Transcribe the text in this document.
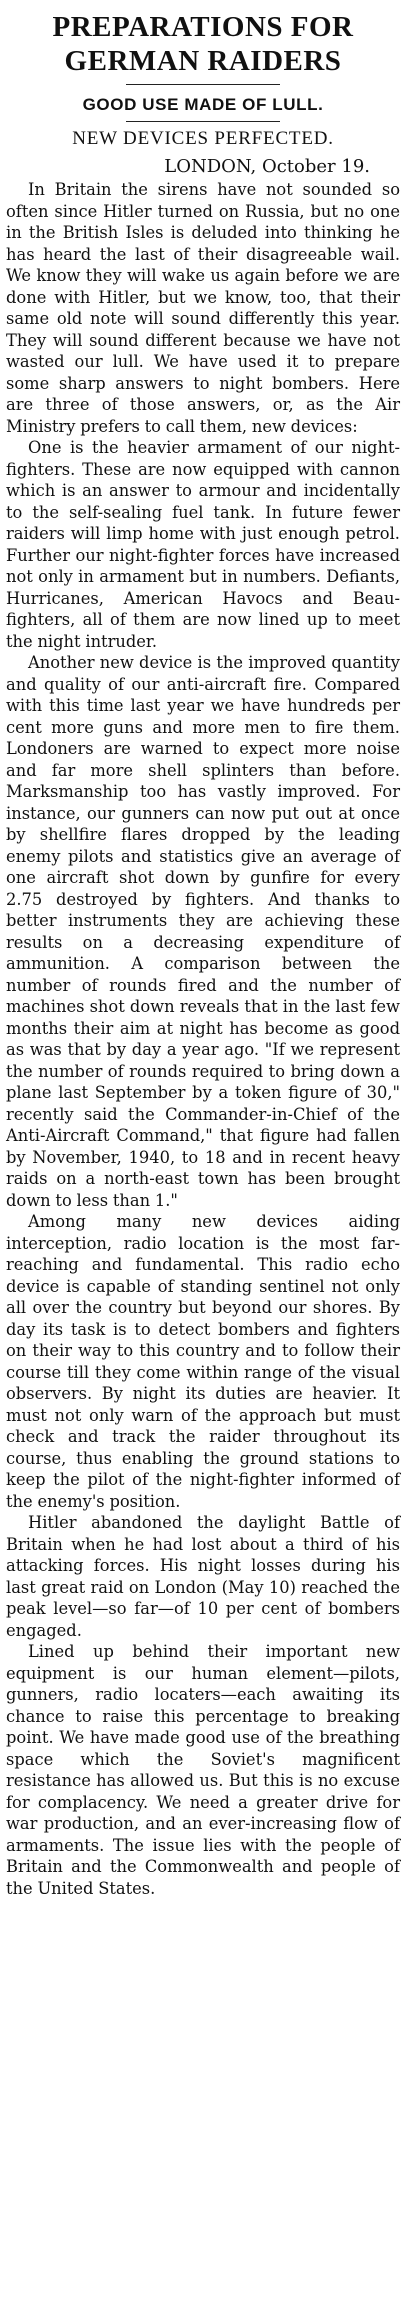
PREPARATIONS FOR GERMAN RAIDERS
GOOD USE MADE OF LULL.
NEW DEVICES PERFECTED.
LONDON, October 19.

In Britain the sirens have not sounded so often since Hitler turned on Russia, but no one in the British Isles is deluded into thinking he has heard the last of their disagreeable wail. We know they will wake us again before we are done with Hitler, but we know, too, that their same old note will sound differently this year. They will sound different because we have not wasted our lull. We have used it to prepare some sharp answers to night bombers. Here are three of those answers, or, as the Air Ministry prefers to call them, new devices:

One is the heavier armament of our night-fighters. These are now equipped with cannon which is an answer to armour and incidentally to the self-sealing fuel tank. In future fewer raiders will limp home with just enough petrol. Further our night-fighter forces have increased not only in armament but in numbers. Defiants, Hurricanes, American Havocs and Beau-fighters, all of them are now lined up to meet the night intruder.

Another new device is the improved quantity and quality of our anti-aircraft fire. Compared with this time last year we have hundreds per cent more guns and more men to fire them. Londoners are warned to expect more noise and far more shell splinters than before. Marksmanship too has vastly improved. For instance, our gunners can now put out at once by shellfire flares dropped by the leading enemy pilots and statistics give an average of one aircraft shot down by gunfire for every 2.75 destroyed by fighters. And thanks to better instruments they are achieving these results on a decreasing expenditure of ammunition. A comparison between the number of rounds fired and the number of machines shot down reveals that in the last few months their aim at night has become as good as was that by day a year ago. "If we represent the number of rounds required to bring down a plane last September by a token figure of 30," recently said the Commander-in-Chief of the Anti-Aircraft Command," that figure had fallen by November, 1940, to 18 and in recent heavy raids on a north-east town has been brought down to less than 1."

Among many new devices aiding interception, radio location is the most far-reaching and fundamental. This radio echo device is capable of standing sentinel not only all over the country but beyond our shores. By day its task is to detect bombers and fighters on their way to this country and to follow their course till they come within range of the visual observers. By night its duties are heavier. It must not only warn of the approach but must check and track the raider throughout its course, thus enabling the ground stations to keep the pilot of the night-fighter informed of the enemy's position.

Hitler abandoned the daylight Battle of Britain when he had lost about a third of his attacking forces. His night losses during his last great raid on London (May 10) reached the peak level—so far—of 10 per cent of bombers engaged.

Lined up behind their important new equipment is our human element—pilots, gunners, radio locaters—each awaiting its chance to raise this percentage to breaking point. We have made good use of the breathing space which the Soviet's magnificent resistance has allowed us. But this is no excuse for complacency. We need a greater drive for war production, and an ever-increasing flow of armaments. The issue lies with the people of Britain and the Commonwealth and people of the United States.
